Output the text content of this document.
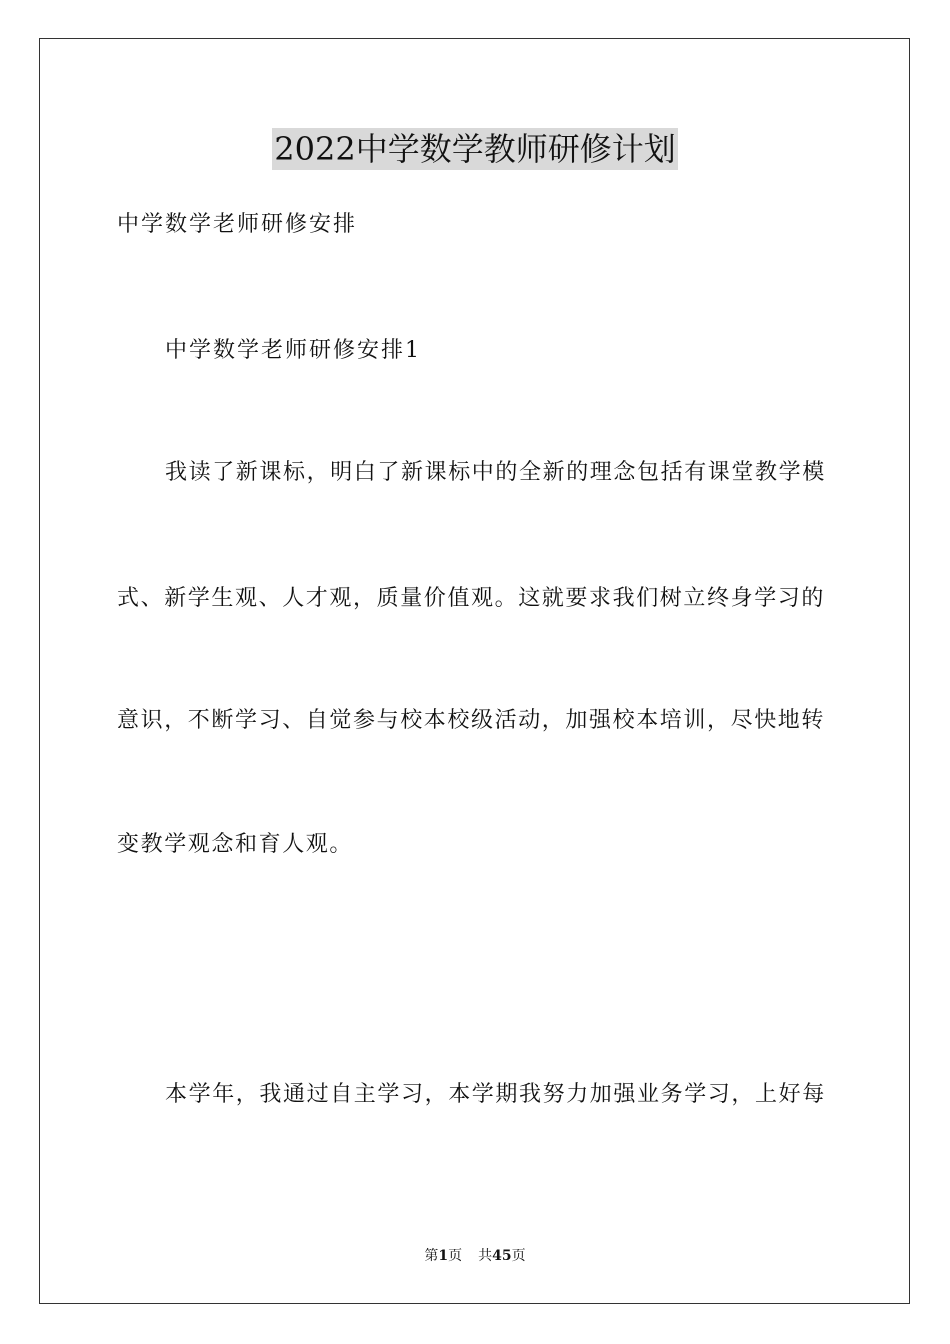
2022中学数学教师研修计划
中学数学老师研修安排
中学数学老师研修安排1
我读了新课标，明白了新课标中的全新的理念包括有课堂教学模
式、新学生观、人才观，质量价值观。这就要求我们树立终身学习的
意识，不断学习、自觉参与校本校级活动，加强校本培训，尽快地转
变教学观念和育人观。
本学年，我通过自主学习，本学期我努力加强业务学习，上好每
第1页 共45页
